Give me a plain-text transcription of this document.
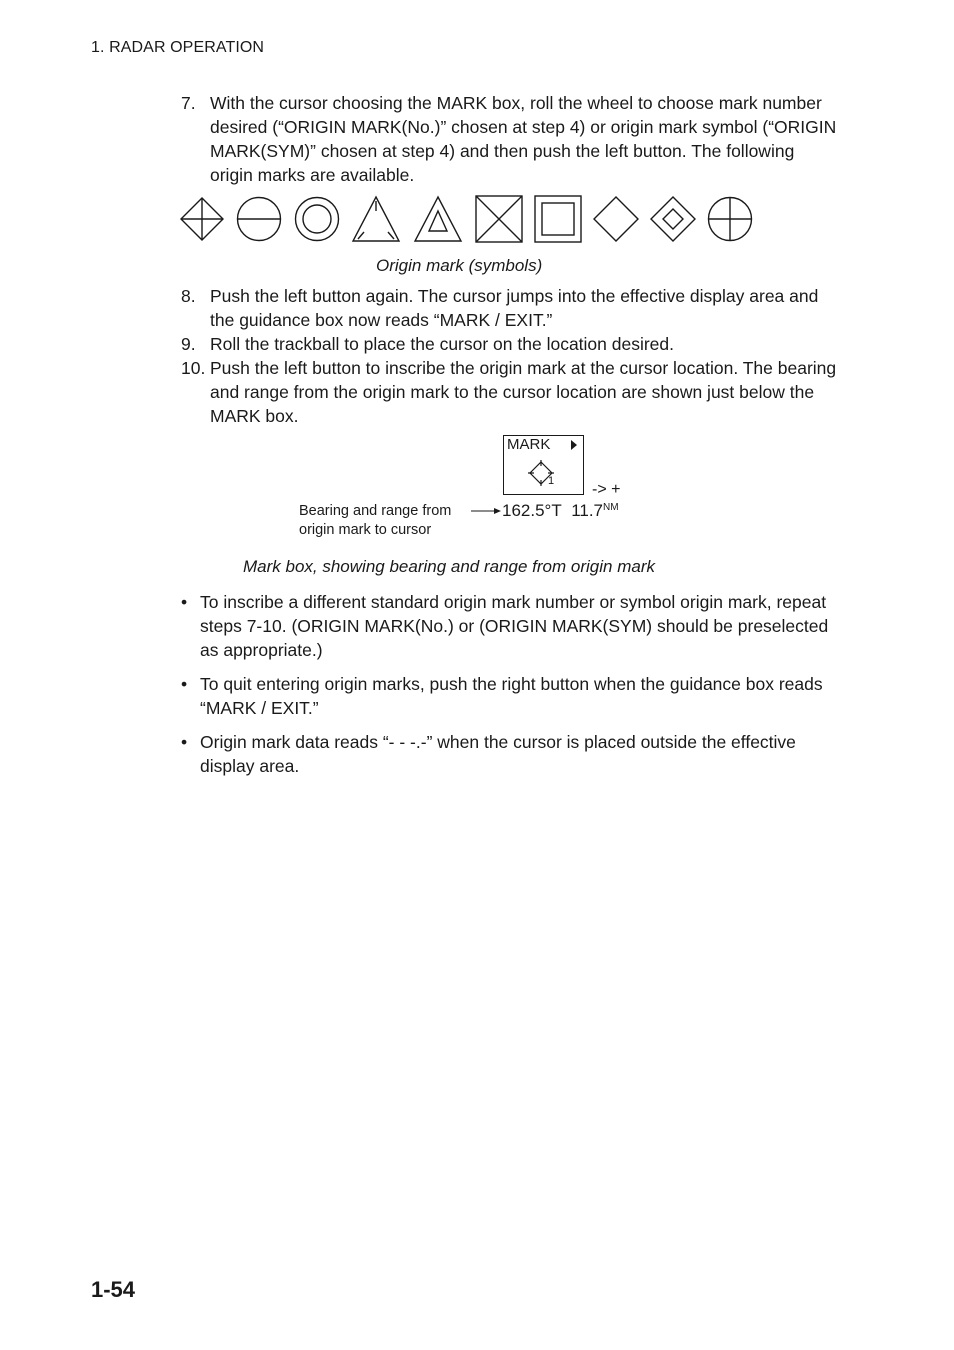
1. RADAR OPERATION
7. With the cursor choosing the MARK box, roll the wheel to choose mark number desired (“ORIGIN MARK(No.)” chosen at step 4) or origin mark symbol (“ORIGIN MARK(SYM)” chosen at step 4) and then push the left button. The following origin marks are available.
Origin mark (symbols)
8. Push the left button again. The cursor jumps into the effective display area and the guidance box now reads “MARK / EXIT.”
9. Roll the trackball to place the cursor on the location desired.
10. Push the left button to inscribe the origin mark at the cursor location. The bearing and range from the origin mark to the cursor location are shown just below the MARK box.
MARK
1 -> +
Bearing and range from
origin mark to cursor
162.5°T $11.7^{NM}$
Mark box, showing bearing and range from origin mark
• To inscribe a different standard origin mark number or symbol origin mark, repeat steps 7-10. (ORIGIN MARK(No.) or (ORIGIN MARK(SYM) should be preselected as appropriate.)
• To quit entering origin marks, push the right button when the guidance box reads “MARK / EXIT.”
• Origin mark data reads “- - -.-” when the cursor is placed outside the effective display area.
1-54
